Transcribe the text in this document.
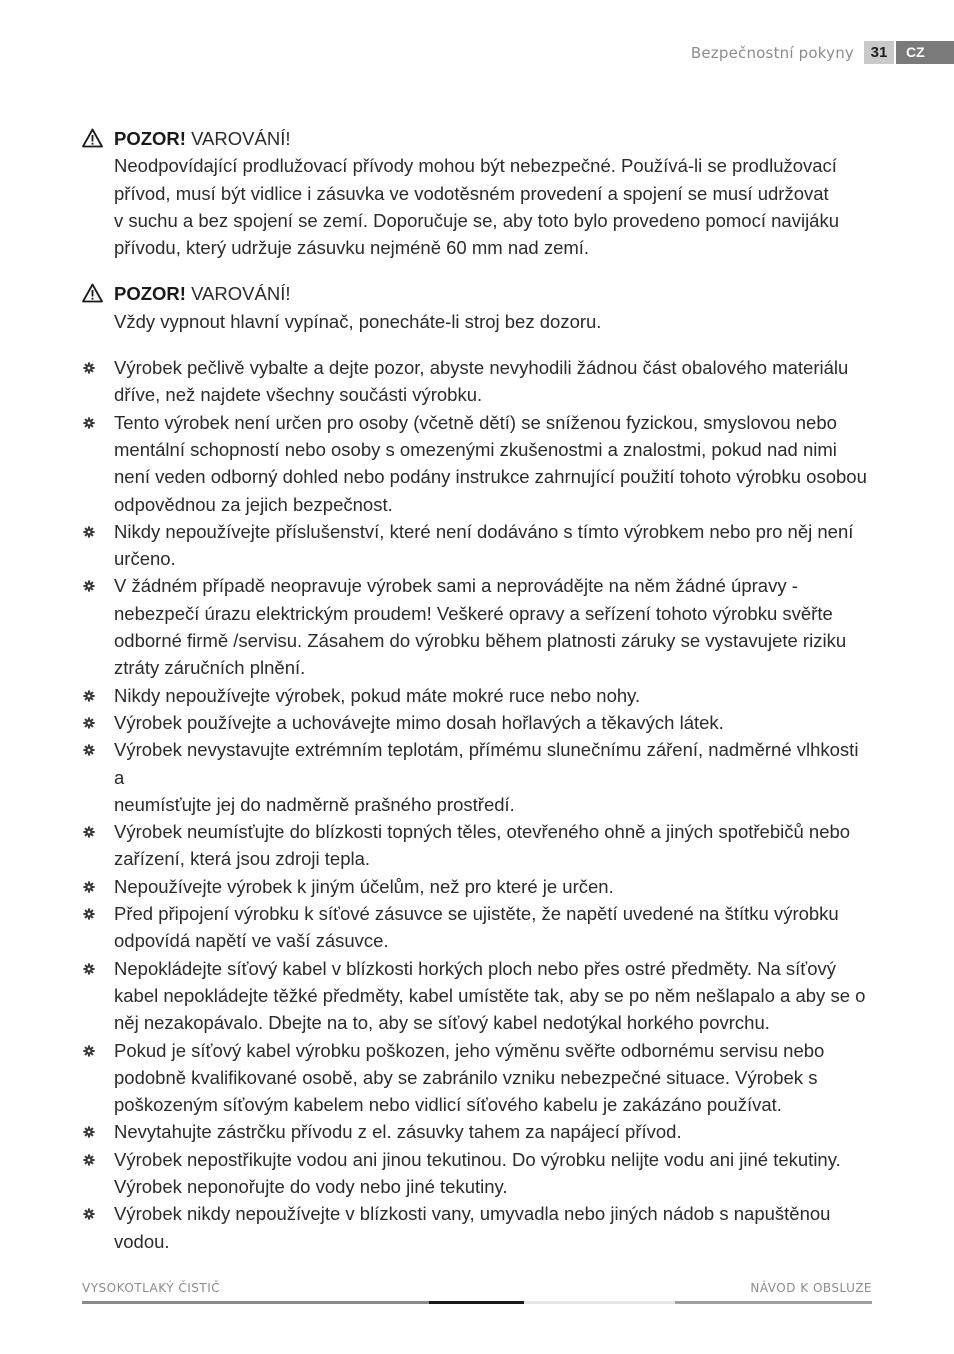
Bezpečnostní pokyny	31	CZ
POZOR! VAROVÁNÍ!
Neodpovídající prodlužovací přívody mohou být nebezpečné. Používá-li se prodlužovací
přívod, musí být vidlice i zásuvka ve vodotěsném provedení a spojení se musí udržovat
v suchu a bez spojení se zemí. Doporučuje se, aby toto bylo provedeno pomocí navijáku
přívodu, který udržuje zásuvku nejméně 60 mm nad zemí.
POZOR! VAROVÁNÍ!
Vždy vypnout hlavní vypínač, ponecháte-li stroj bez dozoru.
Výrobek pečlivě vybalte a dejte pozor, abyste nevyhodili žádnou část obalového materiálu
dříve, než najdete všechny součásti výrobku.
Tento výrobek není určen pro osoby (včetně dětí) se sníženou fyzickou, smyslovou nebo
mentální schopností nebo osoby s omezenými zkušenostmi a znalostmi, pokud nad nimi
není veden odborný dohled nebo podány instrukce zahrnující použití tohoto výrobku osobou
odpovědnou za jejich bezpečnost.
Nikdy nepoužívejte příslušenství, které není dodáváno s tímto výrobkem nebo pro něj není
určeno.
V žádném případě neopravuje výrobek sami a neprovádějte na něm žádné úpravy -
nebezpečí úrazu elektrickým proudem! Veškeré opravy a seřízení tohoto výrobku svěřte
odborné firmě /servisu. Zásahem do výrobku během platnosti záruky se vystavujete riziku
ztráty záručních plnění.
Nikdy nepoužívejte výrobek, pokud máte mokré ruce nebo nohy.
Výrobek používejte a uchovávejte mimo dosah hořlavých a těkavých látek.
Výrobek nevystavujte extrémním teplotám, přímému slunečnímu záření, nadměrné vlhkosti a
neumísťujte jej do nadměrně prašného prostředí.
Výrobek neumísťujte do blízkosti topných těles, otevřeného ohně a jiných spotřebičů nebo
zařízení, která jsou zdroji tepla.
Nepoužívejte výrobek k jiným účelům, než pro které je určen.
Před připojení výrobku k síťové zásuvce se ujistěte, že napětí uvedené na štítku výrobku
odpovídá napětí ve vaší zásuvce.
Nepokládejte síťový kabel v blízkosti horkých ploch nebo přes ostré předměty. Na síťový
kabel nepokládejte těžké předměty, kabel umístěte tak, aby se po něm nešlapalo a aby se o
něj nezakopávalo. Dbejte na to, aby se síťový kabel nedotýkal horkého povrchu.
Pokud je síťový kabel výrobku poškozen, jeho výměnu svěřte odbornému servisu nebo
podobně kvalifikované osobě, aby se zabránilo vzniku nebezpečné situace. Výrobek s
poškozeným síťovým kabelem nebo vidlicí síťového kabelu je zakázáno používat.
Nevytahujte zástrčku přívodu z el. zásuvky tahem za napájecí přívod.
Výrobek nepostřikujte vodou ani jinou tekutinou. Do výrobku nelijte vodu ani jiné tekutiny.
Výrobek neponořujte do vody nebo jiné tekutiny.
Výrobek nikdy nepoužívejte v blízkosti vany, umyvadla nebo jiných nádob s napuštěnou
vodou.
VYSOKOTLAKÝ ČISTIČ	NÁVOD K OBSLUZE
